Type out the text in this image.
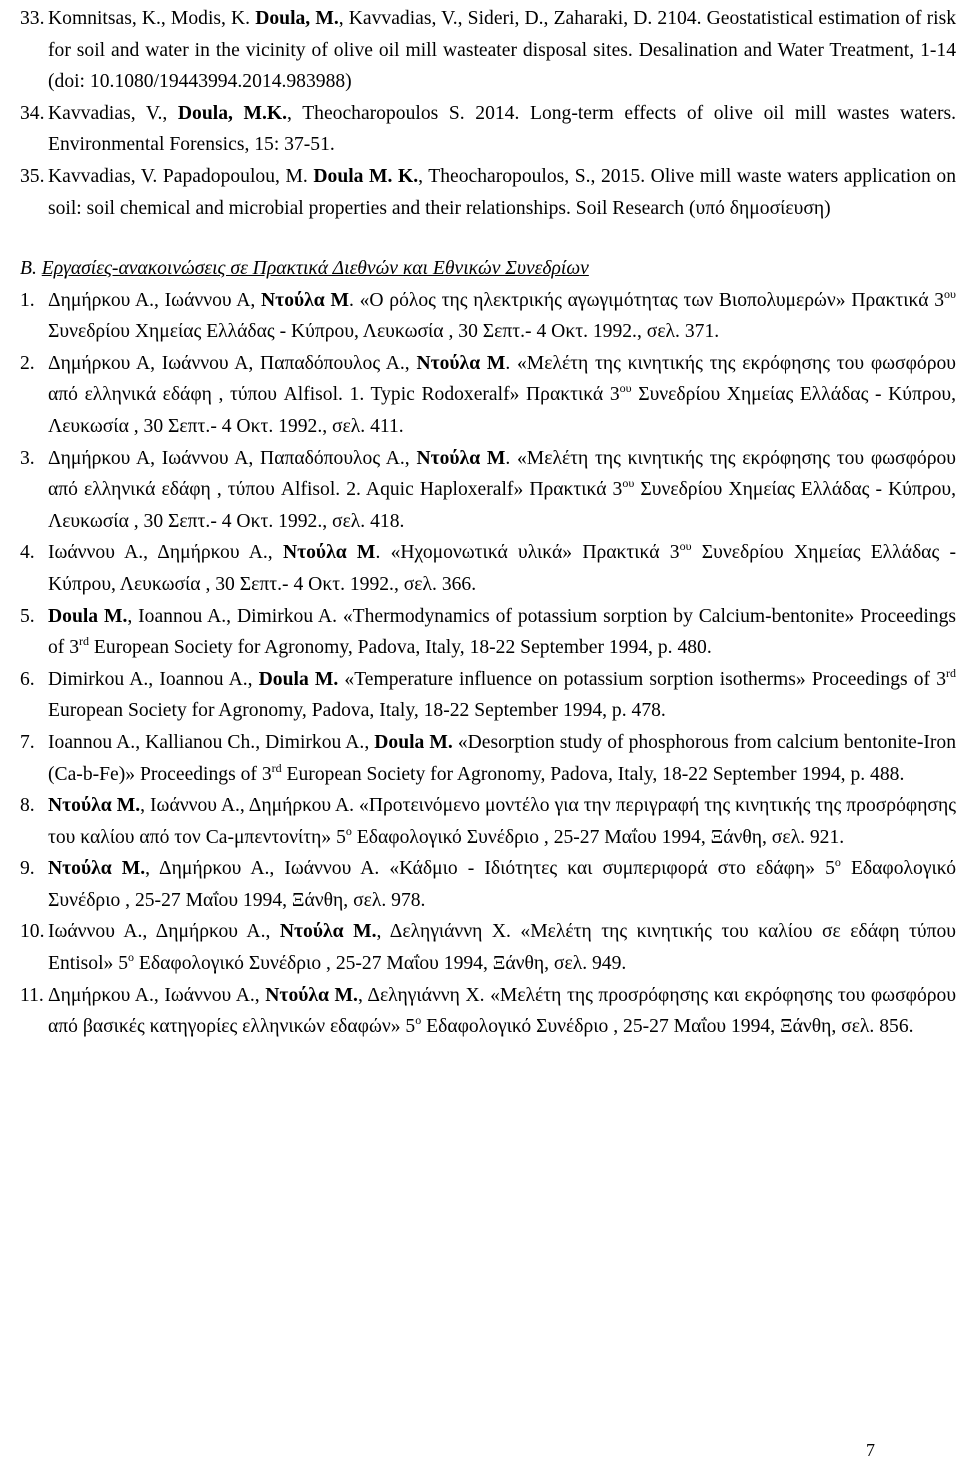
33. Komnitsas, K., Modis, K. Doula, M., Kavvadias, V., Sideri, D., Zaharaki, D. 2104. Geostatistical estimation of risk for soil and water in the vicinity of olive oil mill wasteater disposal sites. Desalination and Water Treatment, 1-14 (doi: 10.1080/19443994.2014.983988)

34. Kavvadias, V., Doula, M.K., Theocharopoulos S. 2014. Long-term effects of olive oil mill wastes waters. Environmental Forensics, 15: 37-51.

35. Kavvadias, V. Papadopoulou, M. Doula M. K., Theocharopoulos, S., 2015. Olive mill waste waters application on soil: soil chemical and microbial properties and their relationships. Soil Research (υπό δημοσίευση)

Β. Εργασίες-ανακοινώσεις σε Πρακτικά Διεθνών και Εθνικών Συνεδρίων

1. Δημήρκου Α., Ιωάννου Α, Ντούλα Μ. «Ο ρόλος της ηλεκτρικής αγωγιμότητας των Βιοπολυμερών» Πρακτικά $3^{o\upsilon}$ Συνεδρίου Χημείας Ελλάδας - Κύπρου, Λευκωσία , 30 Σεπτ.- 4 Οκτ. 1992., σελ. 371.

2. Δημήρκου Α, Ιωάννου Α, Παπαδόπουλος Α., Ντούλα Μ. «Μελέτη της κινητικής της εκρόφησης του φωσφόρου από ελληνικά εδάφη , τύπου Alfisol. 1. Typic Rodoxeralf» Πρακτικά $3^{o\upsilon}$ Συνεδρίου Χημείας Ελλάδας - Κύπρου, Λευκωσία , 30 Σεπτ.- 4 Οκτ. 1992., σελ. 411.

3. Δημήρκου Α, Ιωάννου Α, Παπαδόπουλος Α., Ντούλα Μ. «Μελέτη της κινητικής της εκρόφησης του φωσφόρου από ελληνικά εδάφη , τύπου Alfisol. 2. Aquic Haploxeralf» Πρακτικά $3^{o\upsilon}$ Συνεδρίου Χημείας Ελλάδας - Κύπρου, Λευκωσία , 30 Σεπτ.- 4 Οκτ. 1992., σελ. 418.

4. Ιωάννου Α., Δημήρκου Α., Ντούλα Μ. «Ηχομονωτικά υλικά» Πρακτικά $3^{o\upsilon}$ Συνεδρίου Χημείας Ελλάδας - Κύπρου, Λευκωσία , 30 Σεπτ.- 4 Οκτ. 1992., σελ. 366.

5. Doula M., Ioannou A., Dimirkou A. «Thermodynamics of potassium sorption by Calcium-bentonite» Proceedings of 3rd European Society for Agronomy, Padova, Italy, 18-22 September 1994, p. 480.

6. Dimirkou A., Ioannou A., Doula M. «Temperature influence on potassium sorption isotherms» Proceedings of 3rd European Society for Agronomy, Padova, Italy, 18-22 September 1994, p. 478.

7. Ioannou A., Kallianou Ch., Dimirkou A., Doula M. «Desorption study of phosphorous from calcium bentonite-Iron (Ca-b-Fe)» Proceedings of 3rd European Society for Agronomy, Padova, Italy, 18-22 September 1994, p. 488.

8. Ντούλα Μ., Ιωάννου Α., Δημήρκου Α. «Προτεινόμενο μοντέλο για την περιγραφή της κινητικής της προσρόφησης του καλίου από τον Ca-μπεντονίτη» $5^o$ Εδαφολογικό Συνέδριο , 25-27 Μαΐου 1994, Ξάνθη, σελ. 921.

9. Ντούλα Μ., Δημήρκου Α., Ιωάννου Α. «Κάδμιο - Ιδιότητες και συμπεριφορά στο εδάφη» $5^o$ Εδαφολογικό Συνέδριο , 25-27 Μαΐου 1994, Ξάνθη, σελ. 978.

10. Ιωάννου Α., Δημήρκου Α., Ντούλα Μ., Δεληγιάννη Χ. «Μελέτη της κινητικής του καλίου σε εδάφη τύπου Entisol» $5^o$ Εδαφολογικό Συνέδριο , 25-27 Μαΐου 1994, Ξάνθη, σελ. 949.

11. Δημήρκου Α., Ιωάννου Α., Ντούλα Μ., Δεληγιάννη Χ. «Μελέτη της προσρόφησης και εκρόφησης του φωσφόρου από βασικές κατηγορίες ελληνικών εδαφών» $5^o$ Εδαφολογικό Συνέδριο , 25-27 Μαΐου 1994, Ξάνθη, σελ. 856.

7
